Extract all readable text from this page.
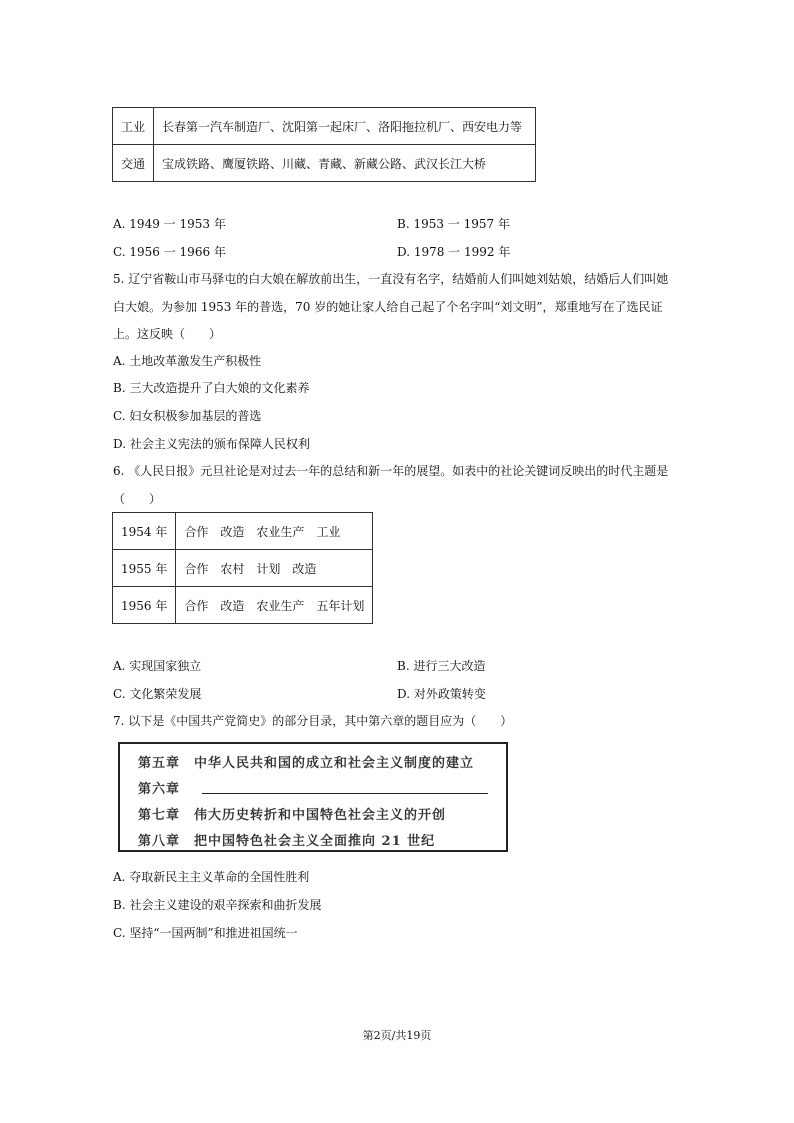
工业	长春第一汽车制造厂、沈阳第一起床厂、洛阳拖拉机厂、西安电力等
交通	宝成铁路、鹰厦铁路、川藏、青藏、新藏公路、武汉长江大桥
A. 1949 一 1953 年	B. 1953 一 1957 年
C. 1956 一 1966 年	D. 1978 一 1992 年
5. 辽宁省鞍山市马驿屯的白大娘在解放前出生，一直没有名字，结婚前人们叫她刘姑娘，结婚后人们叫她
白大娘。为参加 1953 年的普选，70 岁的她让家人给自己起了个名字叫“刘文明”，郑重地写在了选民证
上。这反映（　　）
A. 土地改革激发生产积极性
B. 三大改造提升了白大娘的文化素养
C. 妇女积极参加基层的普选
D. 社会主义宪法的颁布保障人民权利
6. 《人民日报》元旦社论是对过去一年的总结和新一年的展望。如表中的社论关键词反映出的时代主题是
（　　）
1954 年	合作　改造　农业生产　工业
1955 年	合作　农村　计划　改造
1956 年	合作　改造　农业生产　五年计划
A. 实现国家独立	B. 进行三大改造
C. 文化繁荣发展	D. 对外政策转变
7. 以下是《中国共产党简史》的部分目录，其中第六章的题目应为（　　）
第五章　中华人民共和国的成立和社会主义制度的建立
第六章
第七章　伟大历史转折和中国特色社会主义的开创
第八章　把中国特色社会主义全面推向 21 世纪
A. 夺取新民主主义革命的全国性胜利
B. 社会主义建设的艰辛探索和曲折发展
C. 坚持“一国两制”和推进祖国统一
第2页/共19页
